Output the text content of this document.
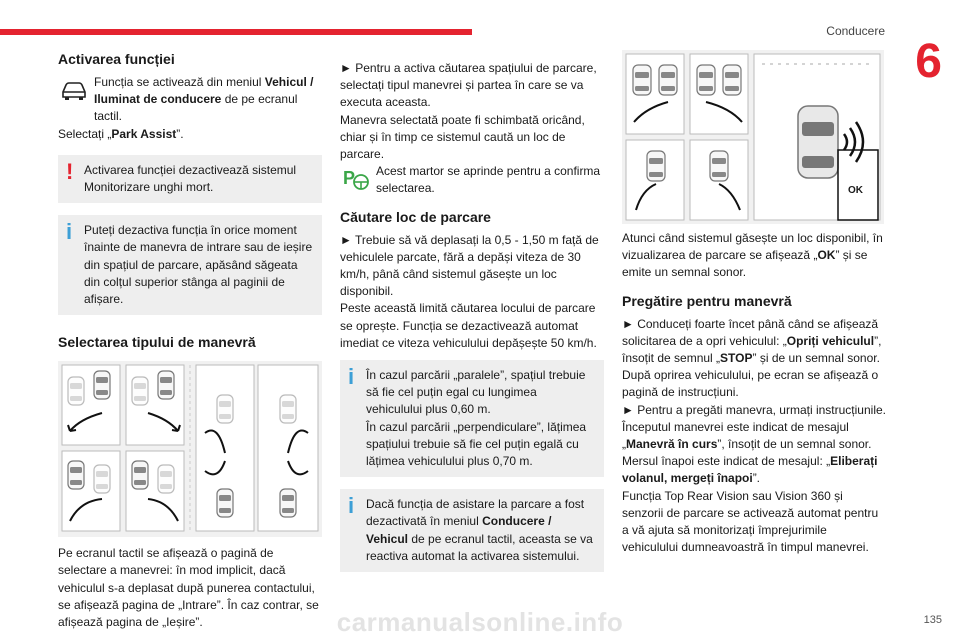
Conducere
6
Activarea funcției
Funcția se activează din meniul Vehicul / Iluminat de conducere de pe ecranul tactil.

Selectați „Park Assist”.

! Activarea funcției dezactivează sistemul Monitorizare unghi mort.
i Puteți dezactiva funcția în orice moment înainte de manevra de intrare sau de ieșire din spațiul de parcare, apăsând săgeata din colțul superior stânga al paginii de afișare.
Selectarea tipului de manevră

Pe ecranul tactil se afișează o pagină de selectare a manevrei: în mod implicit, dacă vehiculul s-a deplasat după punerea contactului, se afișează pagina de „Intrare”. În caz contrar, se afișează pagina de „Ieșire”.

► Pentru a activa căutarea spațiului de parcare, selectați tipul manevrei și partea în care se va executa aceasta.

Manevra selectată poate fi schimbată oricând, chiar și în timp ce sistemul caută un loc de parcare.

P Acest martor se aprinde pentru a confirma selectarea.
Căutare loc de parcare

► Trebuie să vă deplasați la 0,5 - 1,50 m față de vehiculele parcate, fără a depăși viteza de 30 km/h, până când sistemul găsește un loc disponibil.

Peste această limită căutarea locului de parcare se oprește. Funcția se dezactivează automat imediat ce viteza vehiculului depășește 50 km/h.

i În cazul parcării „paralele”, spațiul trebuie să fie cel puțin egal cu lungimea vehiculului plus 0,60 m.

În cazul parcării „perpendiculare”, lățimea spațiului trebuie să fie cel puțin egală cu lățimea vehiculului plus 0,70 m.

i Dacă funcția de asistare la parcare a fost dezactivată în meniul Conducere / Vehicul de pe ecranul tactil, aceasta se va reactiva automat la activarea sistemului.
OK

Atunci când sistemul găsește un loc disponibil, în vizualizarea de parcare se afișează „OK” și se emite un semnal sonor.

Pregătire pentru manevră

► Conduceți foarte încet până când se afișează solicitarea de a opri vehiculul: „Opriți vehiculul”, însoțit de semnul „STOP” și de un semnal sonor.

După oprirea vehiculului, pe ecran se afișează o pagină de instrucțiuni.

► Pentru a pregăti manevra, urmați instrucțiunile.

Începutul manevrei este indicat de mesajul „Manevră în curs”, însoțit de un semnal sonor.

Mersul înapoi este indicat de mesajul: „Eliberați volanul, mergeți înapoi”.

Funcția Top Rear Vision sau Vision 360 și senzorii de parcare se activează automat pentru a vă ajuta să monitorizați împrejurimile vehiculului dumneavoastră în timpul manevrei.

carmanualsonline.info	135
